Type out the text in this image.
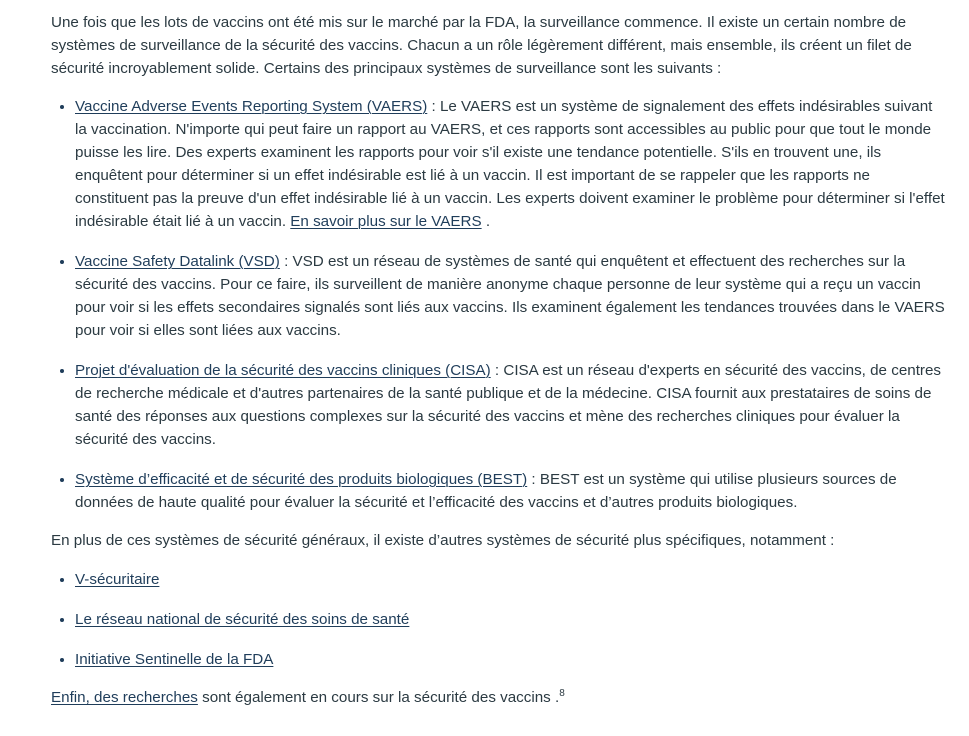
Une fois que les lots de vaccins ont été mis sur le marché par la FDA, la surveillance commence. Il existe un certain nombre de systèmes de surveillance de la sécurité des vaccins. Chacun a un rôle légèrement différent, mais ensemble, ils créent un filet de sécurité incroyablement solide. Certains des principaux systèmes de surveillance sont les suivants :

• Vaccine Adverse Events Reporting System (VAERS) : Le VAERS est un système de signalement des effets indésirables suivant la vaccination. N'importe qui peut faire un rapport au VAERS, et ces rapports sont accessibles au public pour que tout le monde puisse les lire. Des experts examinent les rapports pour voir s'il existe une tendance potentielle. S'ils en trouvent une, ils enquêtent pour déterminer si un effet indésirable est lié à un vaccin. Il est important de se rappeler que les rapports ne constituent pas la preuve d'un effet indésirable lié à un vaccin. Les experts doivent examiner le problème pour déterminer si l'effet indésirable était lié à un vaccin. En savoir plus sur le VAERS .
• Vaccine Safety Datalink (VSD) : VSD est un réseau de systèmes de santé qui enquêtent et effectuent des recherches sur la sécurité des vaccins. Pour ce faire, ils surveillent de manière anonyme chaque personne de leur système qui a reçu un vaccin pour voir si les effets secondaires signalés sont liés aux vaccins. Ils examinent également les tendances trouvées dans le VAERS pour voir si elles sont liées aux vaccins.
• Projet d'évaluation de la sécurité des vaccins cliniques (CISA) : CISA est un réseau d'experts en sécurité des vaccins, de centres de recherche médicale et d'autres partenaires de la santé publique et de la médecine. CISA fournit aux prestataires de soins de santé des réponses aux questions complexes sur la sécurité des vaccins et mène des recherches cliniques pour évaluer la sécurité des vaccins.
• Système d’efficacité et de sécurité des produits biologiques (BEST) : BEST est un système qui utilise plusieurs sources de données de haute qualité pour évaluer la sécurité et l’efficacité des vaccins et d’autres produits biologiques.

En plus de ces systèmes de sécurité généraux, il existe d’autres systèmes de sécurité plus spécifiques, notamment :

• V-sécuritaire
• Le réseau national de sécurité des soins de santé
• Initiative Sentinelle de la FDA

Enfin, des recherches sont également en cours sur la sécurité des vaccins .$^8$
